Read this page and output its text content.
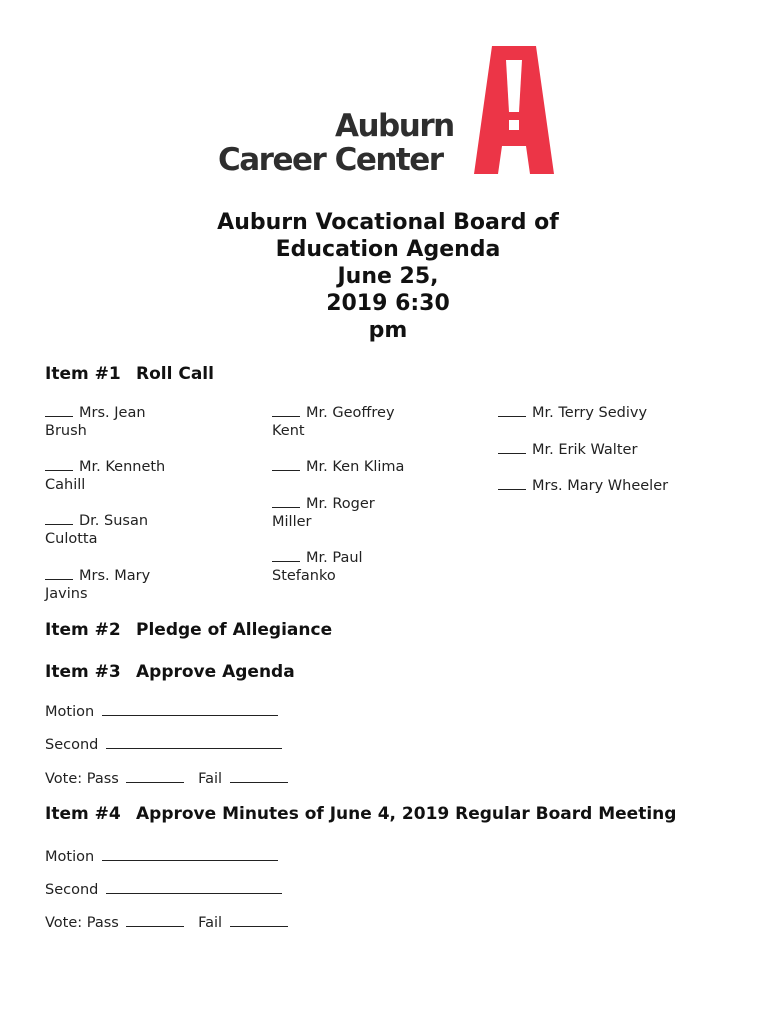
Auburn
Career Center
Auburn Vocational Board of
Education Agenda
June 25,
2019 6:30
pm
Item #1 Roll Call
Mrs. Jean
Brush
Mr. Kenneth
Cahill
Dr. Susan
Culotta
Mrs. Mary
Javins
Mr. Geoffrey
Kent
Mr. Ken Klima
Mr. Roger
Miller
Mr. Paul
Stefanko
Mr. Terry Sedivy
Mr. Erik Walter
Mrs. Mary Wheeler
Item #2 Pledge of Allegiance
Item #3 Approve Agenda
Motion
Second
Vote: Pass	Fail
Item #4 Approve Minutes of June 4, 2019 Regular Board Meeting
Motion
Second
Vote: Pass	Fail
